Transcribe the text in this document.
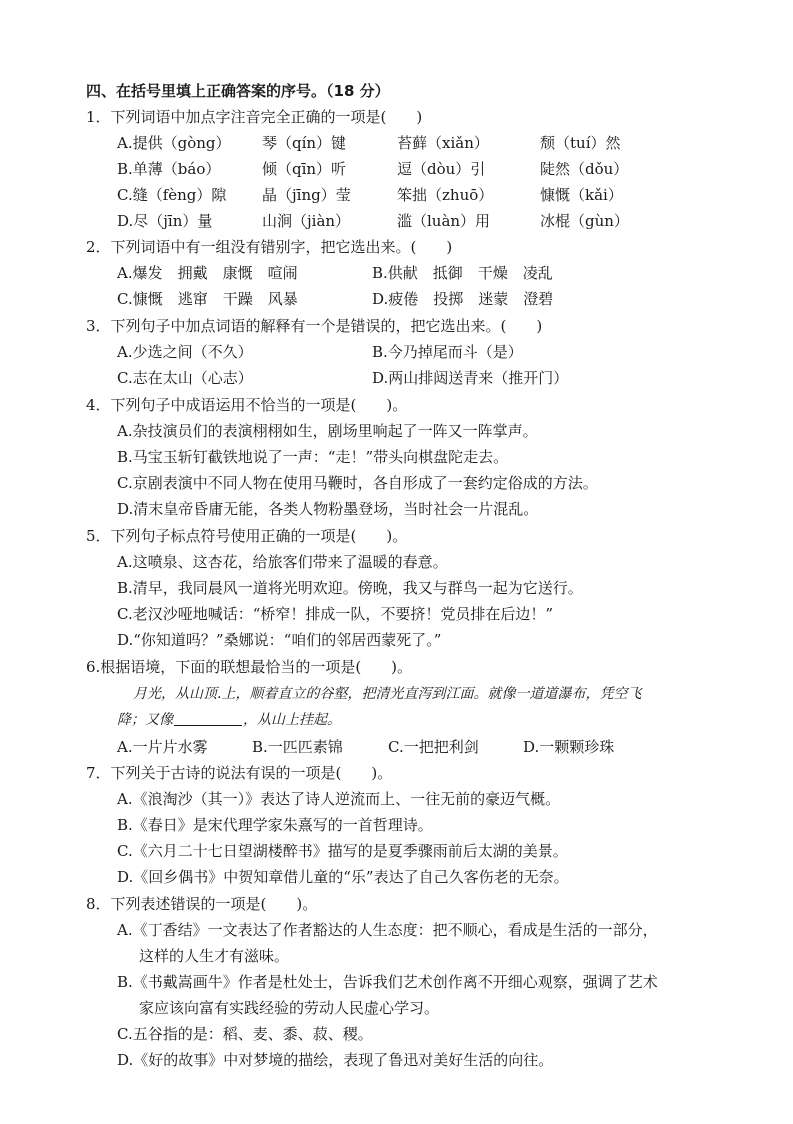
四、在括号里填上正确答案的序号。（18 分）
1．下列词语中加点字注音完全正确的一项是(　　)
A.提供（gòng） 琴（qín）键	苔藓（xiǎn）	颓（tuí）然
B.单薄（báo）	倾（qīn）听	逗（dòu）引	陡然（dǒu）
C.缝（fèng）隙 晶（jīng）莹	笨拙（zhuō）	慷慨（kǎi）
D.尽（jīn）量	山涧（jiàn）	滥（luàn）用	冰棍（gùn）
2．下列词语中有一组没有错别字，把它选出来。(　　)
A.爆发　拥戴　康慨　喧闹	B.供献　抵御　干燥　凌乱
C.慷慨　逃窜　干躁　风暴	D.疲倦　投掷　迷蒙　澄碧
3．下列句子中加点词语的解释有一个是错误的，把它选出来。(　　)
A.少选之间（不久）	B.今乃掉尾而斗（是）
C.志在太山（心志）	D.两山排闼送青来（推开门）
4．下列句子中成语运用不恰当的一项是(　　)。
A.杂技演员们的表演栩栩如生，剧场里响起了一阵又一阵掌声。
B.马宝玉斩钉截铁地说了一声：“走！”带头向棋盘陀走去。
C.京剧表演中不同人物在使用马鞭时，各自形成了一套约定俗成的方法。
D.清末皇帝昏庸无能，各类人物粉墨登场，当时社会一片混乱。
5．下列句子标点符号使用正确的一项是(　　)。
A.这喷泉、这杏花，给旅客们带来了温暖的春意。
B.清早，我同晨风一道将光明欢迎。傍晚，我又与群鸟一起为它送行。
C.老汉沙哑地喊话：“桥窄！排成一队，不要挤！党员排在后边！”
D.“你知道吗？”桑娜说：“咱们的邻居西蒙死了。”
6.根据语境，下面的联想最恰当的一项是(　　)。
月光，从山顶.上，顺着直立的谷壑，把清光直泻到江面。就像一道道瀑布，凭空飞
降；又像	，从山上挂起。
A.一片片水雾	B.一匹匹素锦	C.一把把利剑	D.一颗颗珍珠
7．下列关于古诗的说法有误的一项是(　　)。
A.《浪淘沙（其一）》表达了诗人逆流而上、一往无前的豪迈气概。
B.《春日》是宋代理学家朱熹写的一首哲理诗。
C.《六月二十七日望湖楼醉书》描写的是夏季骤雨前后太湖的美景。
D.《回乡偶书》中贺知章借儿童的“乐”表达了自己久客伤老的无奈。
8．下列表述错误的一项是(　　)。
A.《丁香结》一文表达了作者豁达的人生态度：把不顺心，看成是生活的一部分，
这样的人生才有滋味。
B.《书戴嵩画牛》作者是杜处士，告诉我们艺术创作离不开细心观察，强调了艺术
家应该向富有实践经验的劳动人民虚心学习。
C.五谷指的是：稻、麦、黍、菽、稷。
D.《好的故事》中对梦境的描绘，表现了鲁迅对美好生活的向往。
